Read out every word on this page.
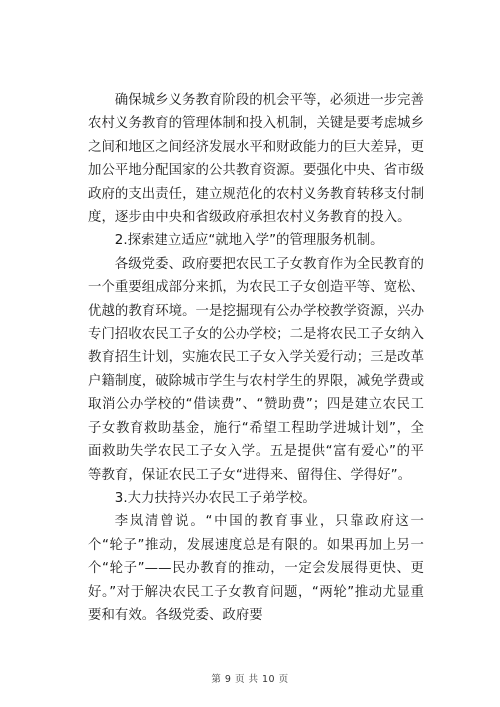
确保城乡义务教育阶段的机会平等，必须进一步完善农村义务教育的管理体制和投入机制，关键是要考虑城乡之间和地区之间经济发展水平和财政能力的巨大差异，更加公平地分配国家的公共教育资源。要强化中央、省市级政府的支出责任，建立规范化的农村义务教育转移支付制度，逐步由中央和省级政府承担农村义务教育的投入。

2.探索建立适应“就地入学”的管理服务机制。

各级党委、政府要把农民工子女教育作为全民教育的一个重要组成部分来抓，为农民工子女创造平等、宽松、优越的教育环境。一是挖掘现有公办学校教学资源，兴办专门招收农民工子女的公办学校；二是将农民工子女纳入教育招生计划，实施农民工子女入学关爱行动；三是改革户籍制度，破除城市学生与农村学生的界限，减免学费或取消公办学校的“借读费”、“赞助费”；四是建立农民工子女教育救助基金，施行“希望工程助学进城计划”，全面救助失学农民工子女入学。五是提供“富有爱心”的平等教育，保证农民工子女“进得来、留得住、学得好”。

3.大力扶持兴办农民工子弟学校。

李岚清曾说。“中国的教育事业，只靠政府这一个“轮子”推动，发展速度总是有限的。如果再加上另一个“轮子”——民办教育的推动，一定会发展得更快、更好。”对于解决农民工子女教育问题，“两轮”推动尤显重要和有效。各级党委、政府要

第 9 页 共 10 页
